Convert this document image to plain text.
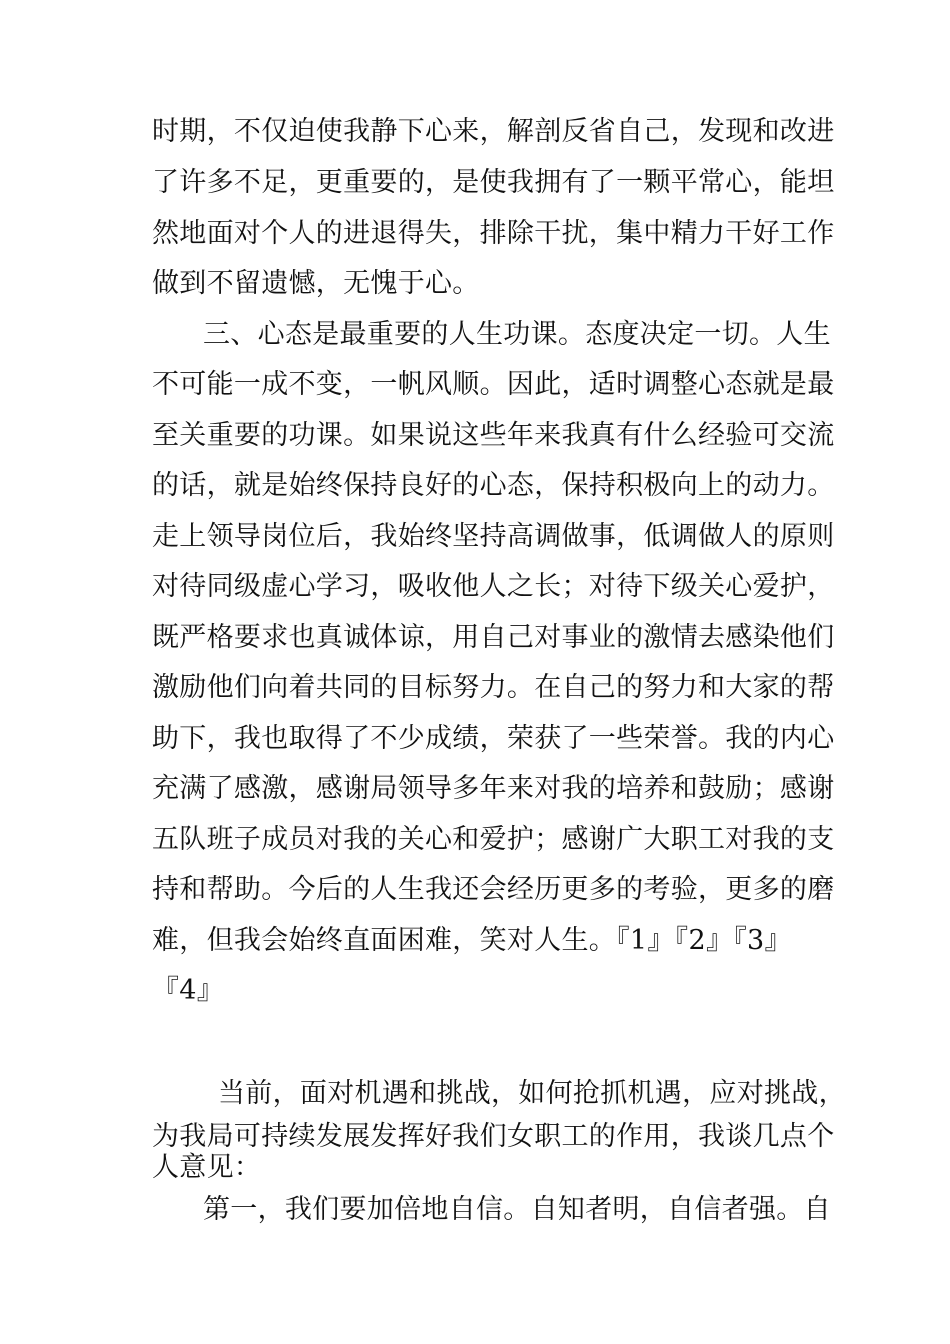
时期，不仅迫使我静下心来，解剖反省自己，发现和改进
了许多不足，更重要的，是使我拥有了一颗平常心，能坦
然地面对个人的进退得失，排除干扰，集中精力干好工作
做到不留遗憾，无愧于心。
三、心态是最重要的人生功课。态度决定一切。人生
不可能一成不变，一帆风顺。因此，适时调整心态就是最
至关重要的功课。如果说这些年来我真有什么经验可交流
的话，就是始终保持良好的心态，保持积极向上的动力。
走上领导岗位后，我始终坚持高调做事，低调做人的原则
对待同级虚心学习，吸收他人之长；对待下级关心爱护，
既严格要求也真诚体谅，用自己对事业的激情去感染他们
激励他们向着共同的目标努力。在自己的努力和大家的帮
助下，我也取得了不少成绩，荣获了一些荣誉。我的内心
充满了感激，感谢局领导多年来对我的培养和鼓励；感谢
五队班子成员对我的关心和爱护；感谢广大职工对我的支
持和帮助。今后的人生我还会经历更多的考验，更多的磨
难，但我会始终直面困难，笑对人生。『1』『2』『3』
『4』
当前，面对机遇和挑战，如何抢抓机遇，应对挑战，
为我局可持续发展发挥好我们女职工的作用，我谈几点个
人意见：
第一，我们要加倍地自信。自知者明，自信者强。自
